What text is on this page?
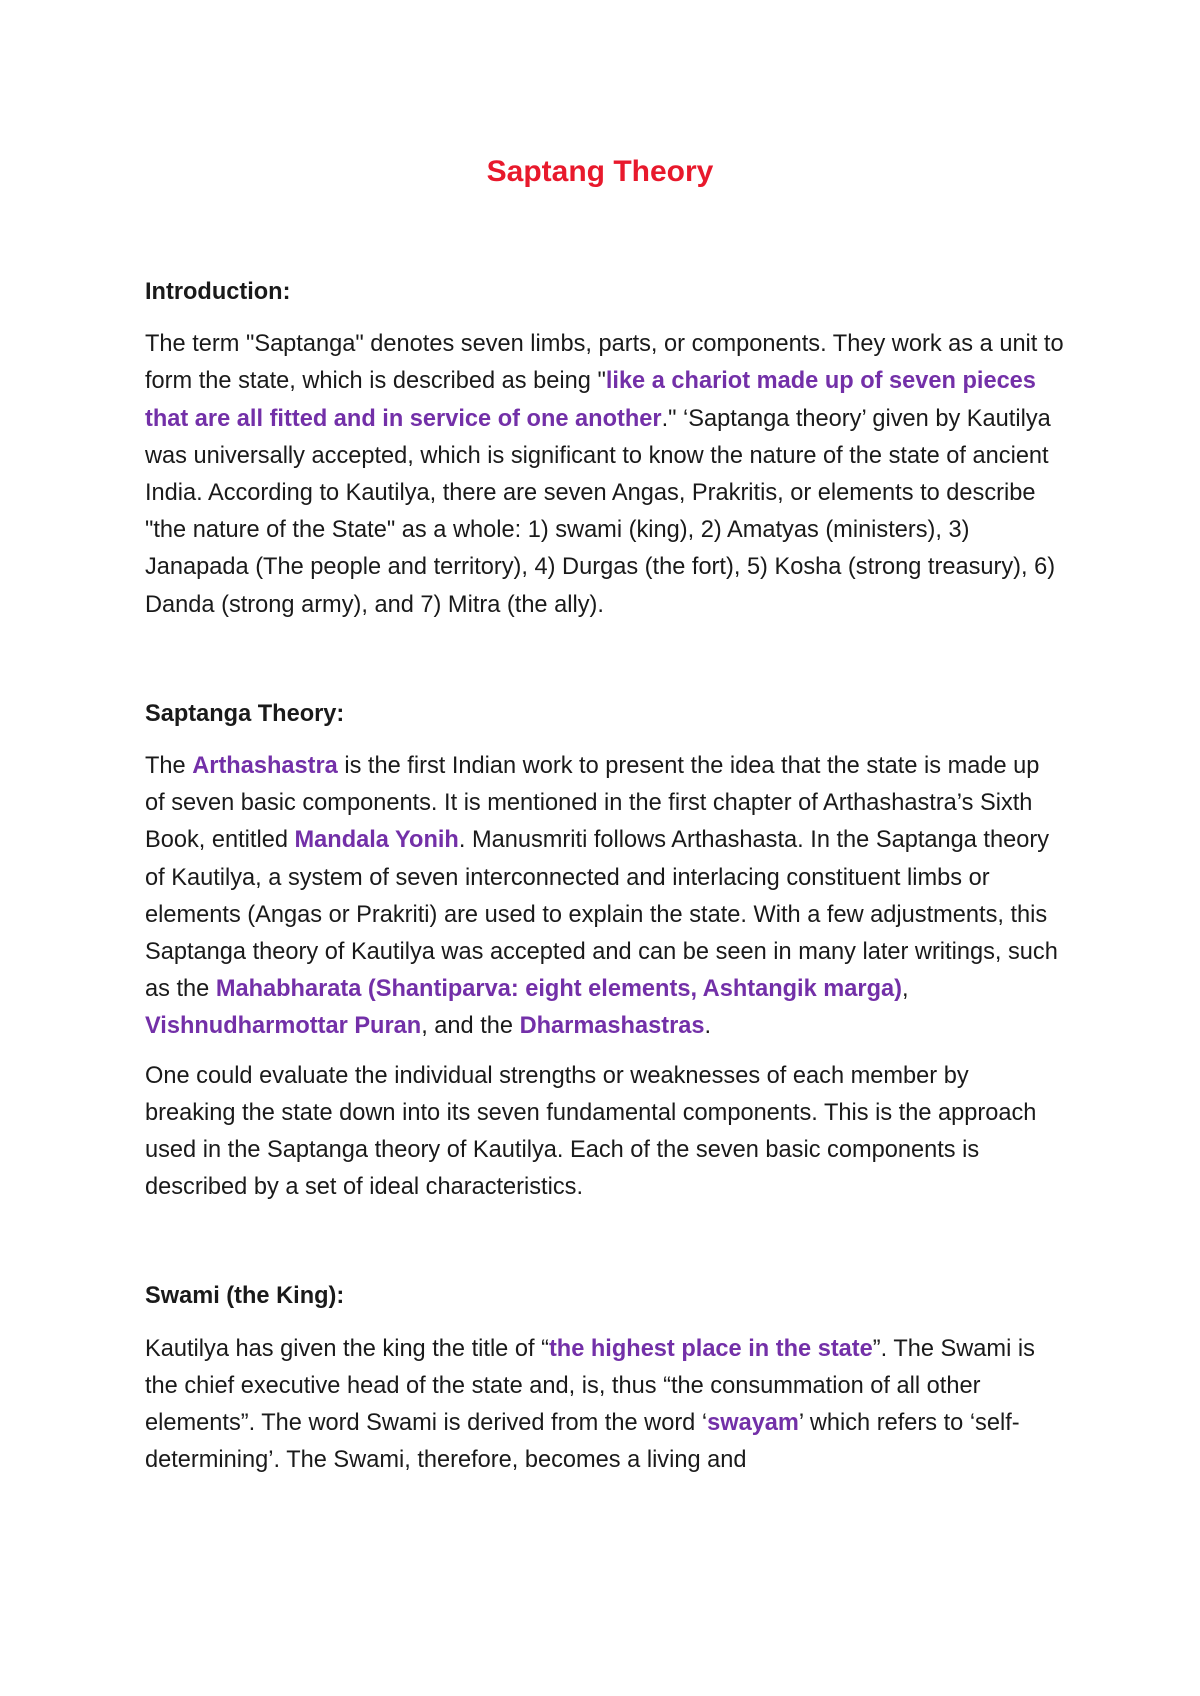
Saptang Theory
Introduction:

The term "Saptanga" denotes seven limbs, parts, or components. They work as a unit to form the state, which is described as being "like a chariot made up of seven pieces that are all fitted and in service of one another." ‘Saptanga theory’ given by Kautilya was universally accepted, which is significant to know the nature of the state of ancient India. According to Kautilya, there are seven Angas, Prakritis, or elements to describe "the nature of the State" as a whole: 1) swami (king), 2) Amatyas (ministers), 3) Janapada (The people and territory), 4) Durgas (the fort), 5) Kosha (strong treasury), 6) Danda (strong army), and 7) Mitra (the ally).

Saptanga Theory:

The Arthashastra is the first Indian work to present the idea that the state is made up of seven basic components. It is mentioned in the first chapter of Arthashastra’s Sixth Book, entitled Mandala Yonih. Manusmriti follows Arthashasta. In the Saptanga theory of Kautilya, a system of seven interconnected and interlacing constituent limbs or elements (Angas or Prakriti) are used to explain the state. With a few adjustments, this Saptanga theory of Kautilya was accepted and can be seen in many later writings, such as the Mahabharata (Shantiparva: eight elements, Ashtangik marga), Vishnudharmottar Puran, and the Dharmashastras.

One could evaluate the individual strengths or weaknesses of each member by breaking the state down into its seven fundamental components. This is the approach used in the Saptanga theory of Kautilya. Each of the seven basic components is described by a set of ideal characteristics.

Swami (the King):

Kautilya has given the king the title of “the highest place in the state”. The Swami is the chief executive head of the state and, is, thus “the consummation of all other elements”. The word Swami is derived from the word ‘swayam’ which refers to ‘self-determining’. The Swami, therefore, becomes a living and
